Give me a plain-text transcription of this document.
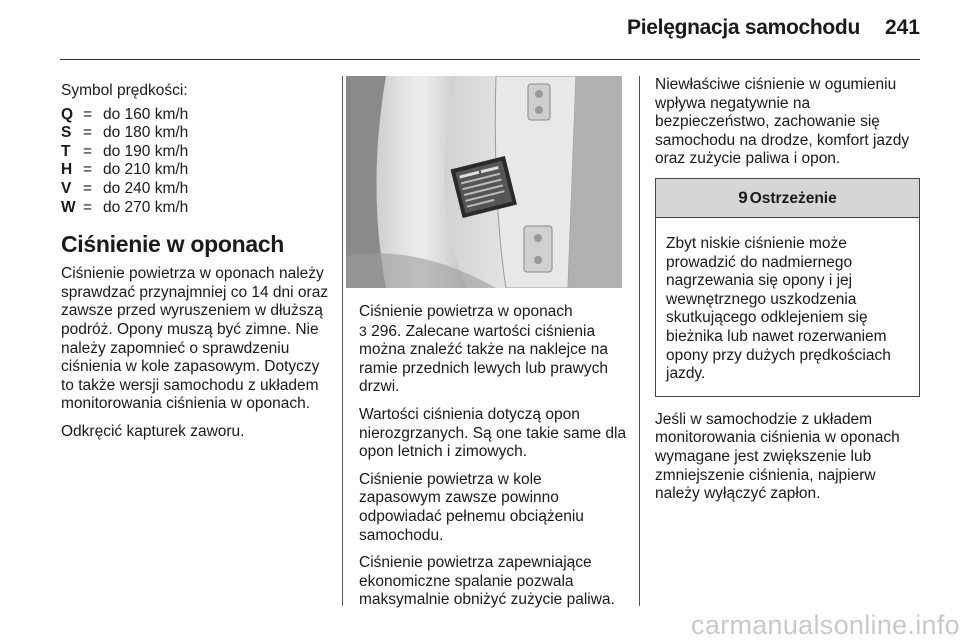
Pielęgnacja samochodu	241
Symbol prędkości:
Q	=	do 160 km/h
S	=	do 180 km/h
T	=	do 190 km/h
H	=	do 210 km/h
V	=	do 240 km/h
W	=	do 270 km/h
Ciśnienie w oponach

Ciśnienie powietrza w oponach należy sprawdzać przynajmniej co 14 dni oraz zawsze przed wyruszeniem w dłuższą podróż. Opony muszą być zimne. Nie należy zapomnieć o sprawdzeniu ciśnienia w kole zapasowym. Dotyczy to także wersji samochodu z układem monitorowania ciśnienia w oponach.

Odkręcić kapturek zaworu.

Ciśnienie powietrza w oponach
3 296. Zalecane wartości ciśnienia można znaleźć także na naklejce na ramie przednich lewych lub prawych drzwi.

Wartości ciśnienia dotyczą opon nierozgrzanych. Są one takie same dla opon letnich i zimowych.

Ciśnienie powietrza w kole zapasowym zawsze powinno odpowiadać pełnemu obciążeniu samochodu.

Ciśnienie powietrza zapewniające ekonomiczne spalanie pozwala maksymalnie obniżyć zużycie paliwa.

Niewłaściwe ciśnienie w ogumieniu wpływa negatywnie na bezpieczeństwo, zachowanie się samochodu na drodze, komfort jazdy oraz zużycie paliwa i opon.

9 Ostrzeżenie
Zbyt niskie ciśnienie może prowadzić do nadmiernego nagrzewania się opony i jej wewnętrznego uszkodzenia skutkującego odklejeniem się bieżnika lub nawet rozerwaniem opony przy dużych prędkościach jazdy.

Jeśli w samochodzie z układem monitorowania ciśnienia w oponach wymagane jest zwiększenie lub zmniejszenie ciśnienia, najpierw należy wyłączyć zapłon.

carmanualsonline.info
